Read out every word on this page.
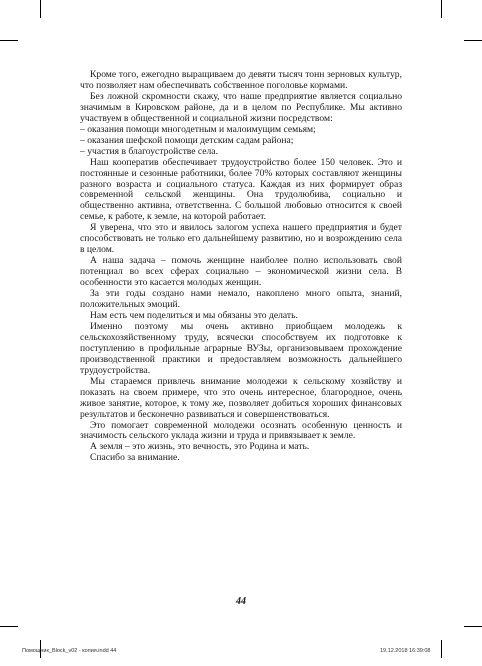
Кроме того, ежегодно выращиваем до девяти тысяч тонн зерновых культур, что позволяет нам обеспечивать собственное поголовье кормами.

Без ложной скромности скажу, что наше предприятие является социально значимым в Кировском районе, да и в целом по Республике. Мы активно участвуем в общественной и социальной жизни посредством:

– оказания помощи многодетным и малоимущим семьям;

– оказания шефской помощи детским садам района;

– участия в благоустройстве села.

Наш кооператив обеспечивает трудоустройство более 150 человек. Это и постоянные и сезонные работники, более 70% которых составляют женщины разного возраста и социального статуса. Каждая из них формирует образ современной сельской женщины. Она трудолюбива, социально и общественно активна, ответственна. С большой любовью относится к своей семье, к работе, к земле, на которой работает.

Я уверена, что это и явилось залогом успеха нашего предприятия и будет способствовать не только его дальнейшему развитию, но и возрождению села в целом.

А наша задача – помочь женщине наиболее полно использовать свой потенциал во всех сферах социально – экономической жизни села. В особенности это касается молодых женщин.

За эти годы создано нами немало, накоплено много опыта, знаний, положительных эмоций.

Нам есть чем поделиться и мы обязаны это делать.

Именно поэтому мы очень активно приобщаем молодежь к сельскохозяйственному труду, всячески способствуем их подготовке к поступлению в профильные аграрные ВУЗы, организовываем прохождение производственной практики и предоставляем возможность дальнейшего трудоустройства.

Мы стараемся привлечь внимание молодежи к сельскому хозяйству и показать на своем примере, что это очень интересное, благородное, очень живое занятие, которое, к тому же, позволяет добиться хороших финансовых результатов и бесконечно развиваться и совершенствоваться.

Это помогает современной молодежи осознать особенную ценность и значимость сельского уклада жизни и труда и привязывает к земле.

А земля – это жизнь, это вечность, это Родина и мать.

Спасибо за внимание.

44
Помощник_Block_v02 - копия.indd 44	19.12.2018 16:39:08
